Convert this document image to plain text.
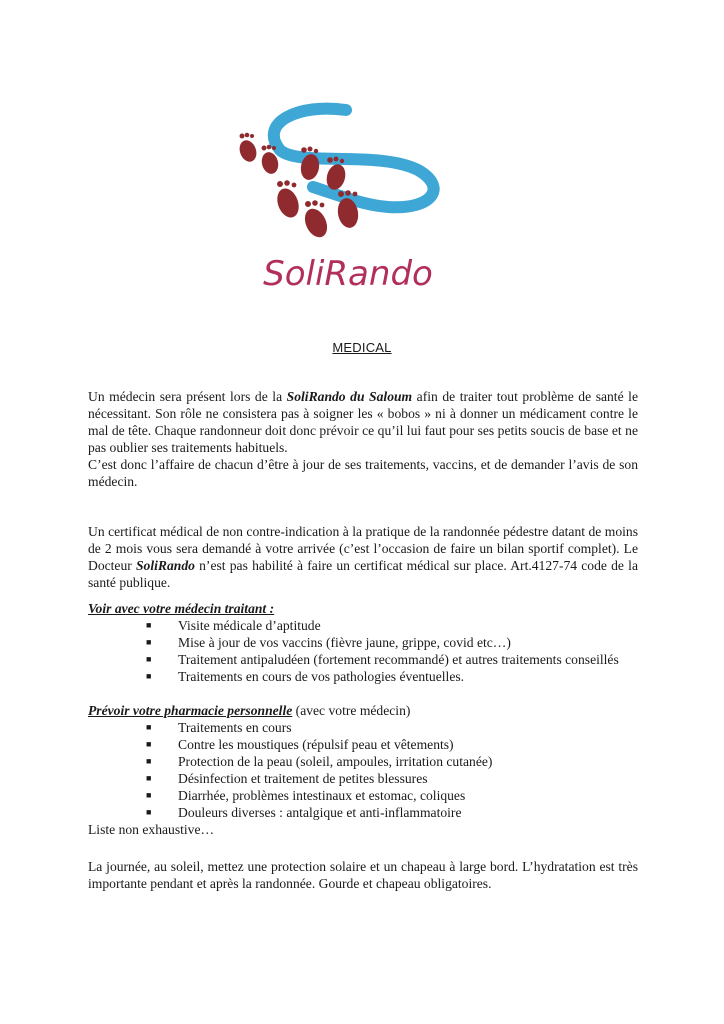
SoliRando
MEDICAL
Un médecin sera présent lors de la SoliRando du Saloum afin de traiter tout problème de santé le nécessitant. Son rôle ne consistera pas à soigner les « bobos » ni à donner un médicament contre le mal de tête. Chaque randonneur doit donc prévoir ce qu’il lui faut pour ses petits soucis de base et ne pas oublier ses traitements habituels.
C’est donc l’affaire de chacun d’être à jour de ses traitements, vaccins, et de demander l’avis de son médecin.
Un certificat médical de non contre-indication à la pratique de la randonnée pédestre datant de moins de 2 mois vous sera demandé à votre arrivée (c’est l’occasion de faire un bilan sportif complet). Le Docteur SoliRando n’est pas habilité à faire un certificat médical sur place. Art.4127-74 code de la santé publique.
Voir avec votre médecin traitant :
■ Visite médicale d’aptitude
■ Mise à jour de vos vaccins (fièvre jaune, grippe, covid etc…)
■ Traitement antipaludéen (fortement recommandé) et autres traitements conseillés
■ Traitements en cours de vos pathologies éventuelles.
Prévoir votre pharmacie personnelle (avec votre médecin)
■ Traitements en cours
■ Contre les moustiques (répulsif peau et vêtements)
■ Protection de la peau (soleil, ampoules, irritation cutanée)
■ Désinfection et traitement de petites blessures
■ Diarrhée, problèmes intestinaux et estomac, coliques
■ Douleurs diverses : antalgique et anti-inflammatoire
Liste non exhaustive…
La journée, au soleil, mettez une protection solaire et un chapeau à large bord. L’hydratation est très importante pendant et après la randonnée. Gourde et chapeau obligatoires.
